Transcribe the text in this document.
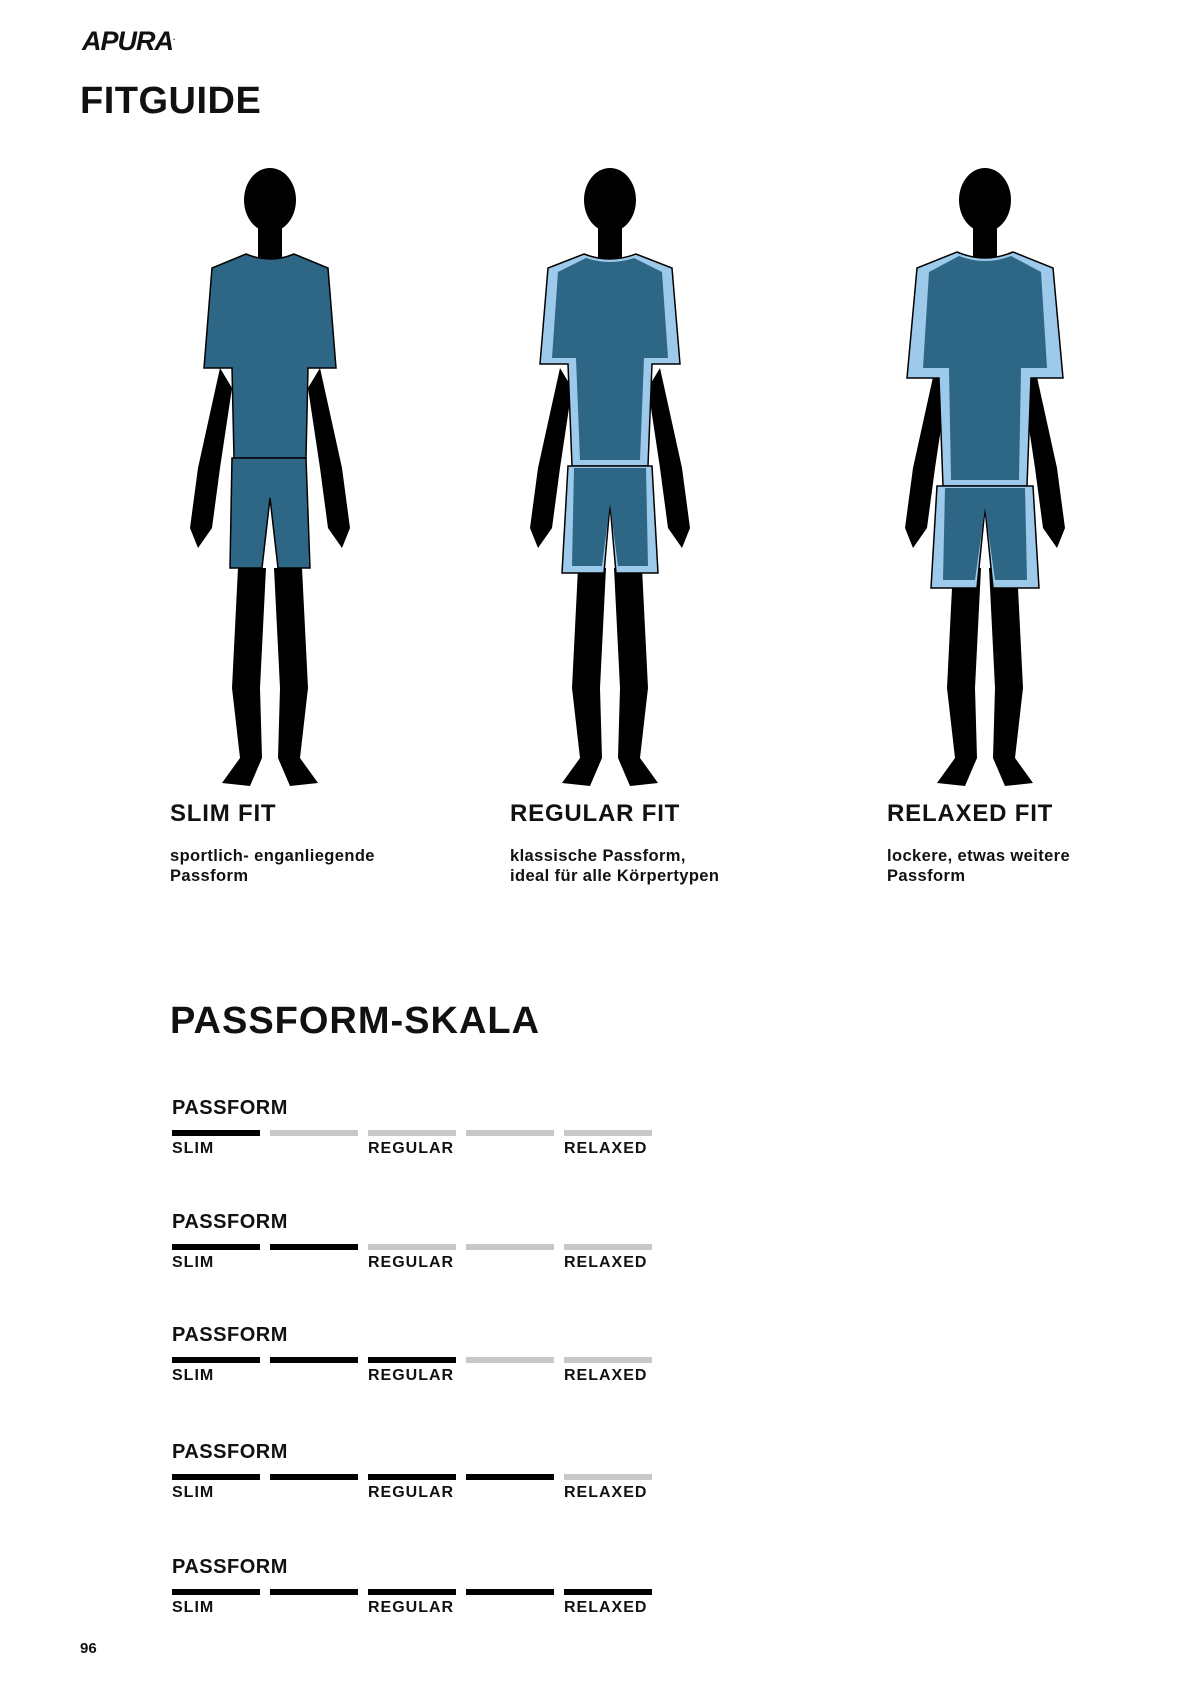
APURA.
FITGUIDE
SLIM FIT
sportlich- enganliegende
Passform
REGULAR FIT
klassische Passform,
ideal für alle Körpertypen
RELAXED FIT
lockere, etwas weitere
Passform
PASSFORM-SKALA
PASSFORM
SLIM	REGULAR	RELAXED
PASSFORM
SLIM	REGULAR	RELAXED
PASSFORM
SLIM	REGULAR	RELAXED
PASSFORM
SLIM	REGULAR	RELAXED
PASSFORM
SLIM	REGULAR	RELAXED
96
